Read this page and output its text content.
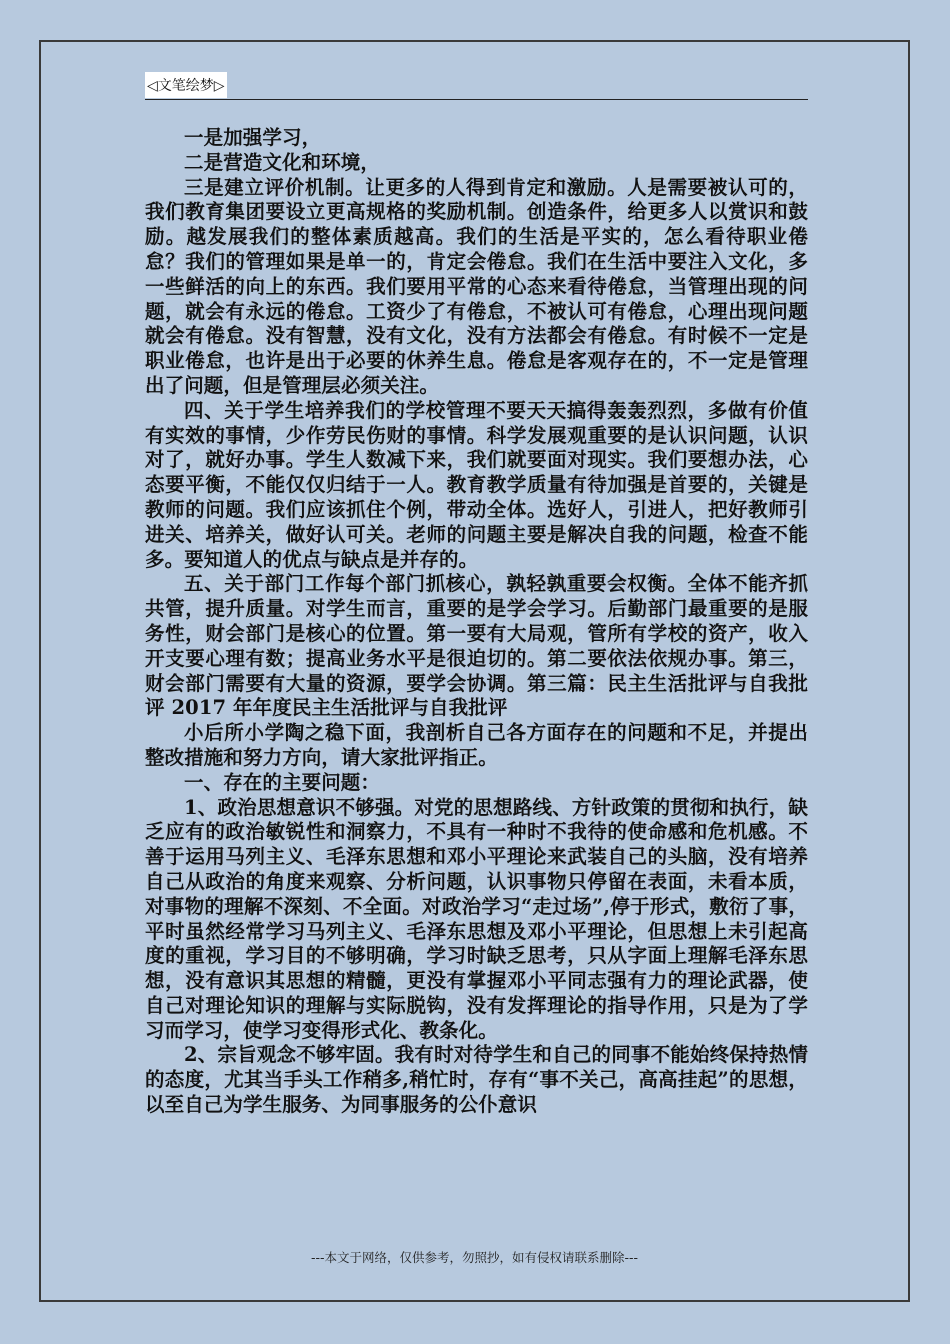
◁文笔绘梦▷

一是加强学习，

二是营造文化和环境，

三是建立评价机制。让更多的人得到肯定和激励。人是需要被认可的，我们教育集团要设立更高规格的奖励机制。创造条件，给更多人以赏识和鼓励。越发展我们的整体素质越高。我们的生活是平实的，怎么看待职业倦怠？我们的管理如果是单一的，肯定会倦怠。我们在生活中要注入文化，多一些鲜活的向上的东西。我们要用平常的心态来看待倦怠，当管理出现的问题，就会有永远的倦怠。工资少了有倦怠，不被认可有倦怠，心理出现问题就会有倦怠。没有智慧，没有文化，没有方法都会有倦怠。有时候不一定是职业倦怠，也许是出于必要的休养生息。倦怠是客观存在的，不一定是管理出了问题，但是管理层必须关注。

四、关于学生培养我们的学校管理不要天天搞得轰轰烈烈，多做有价值有实效的事情，少作劳民伤财的事情。科学发展观重要的是认识问题，认识对了，就好办事。学生人数减下来，我们就要面对现实。我们要想办法，心态要平衡，不能仅仅归结于一人。教育教学质量有待加强是首要的，关键是教师的问题。我们应该抓住个例，带动全体。选好人，引进人，把好教师引进关、培养关，做好认可关。老师的问题主要是解决自我的问题，检查不能多。要知道人的优点与缺点是并存的。

五、关于部门工作每个部门抓核心，孰轻孰重要会权衡。全体不能齐抓共管，提升质量。对学生而言，重要的是学会学习。后勤部门最重要的是服务性，财会部门是核心的位置。第一要有大局观，管所有学校的资产，收入开支要心理有数；提高业务水平是很迫切的。第二要依法依规办事。第三，财会部门需要有大量的资源，要学会协调。第三篇：民主生活批评与自我批评 2017 年年度民主生活批评与自我批评

小后所小学陶之稳下面，我剖析自己各方面存在的问题和不足，并提出整改措施和努力方向，请大家批评指正。

一、存在的主要问题：

1、政治思想意识不够强。对党的思想路线、方针政策的贯彻和执行，缺乏应有的政治敏锐性和洞察力，不具有一种时不我待的使命感和危机感。不善于运用马列主义、毛泽东思想和邓小平理论来武装自己的头脑，没有培养自己从政治的角度来观察、分析问题，认识事物只停留在表面，未看本质，对事物的理解不深刻、不全面。对政治学习“走过场”,停于形式，敷衍了事，平时虽然经常学习马列主义、毛泽东思想及邓小平理论，但思想上未引起高度的重视，学习目的不够明确，学习时缺乏思考，只从字面上理解毛泽东思想，没有意识其思想的精髓，更没有掌握邓小平同志强有力的理论武器，使自己对理论知识的理解与实际脱钩，没有发挥理论的指导作用，只是为了学习而学习，使学习变得形式化、教条化。

2、宗旨观念不够牢固。我有时对待学生和自己的同事不能始终保持热情的态度，尤其当手头工作稍多,稍忙时，存有“事不关己，高高挂起”的思想，以至自己为学生服务、为同事服务的公仆意识

---本文于网络，仅供参考，勿照抄，如有侵权请联系删除---
